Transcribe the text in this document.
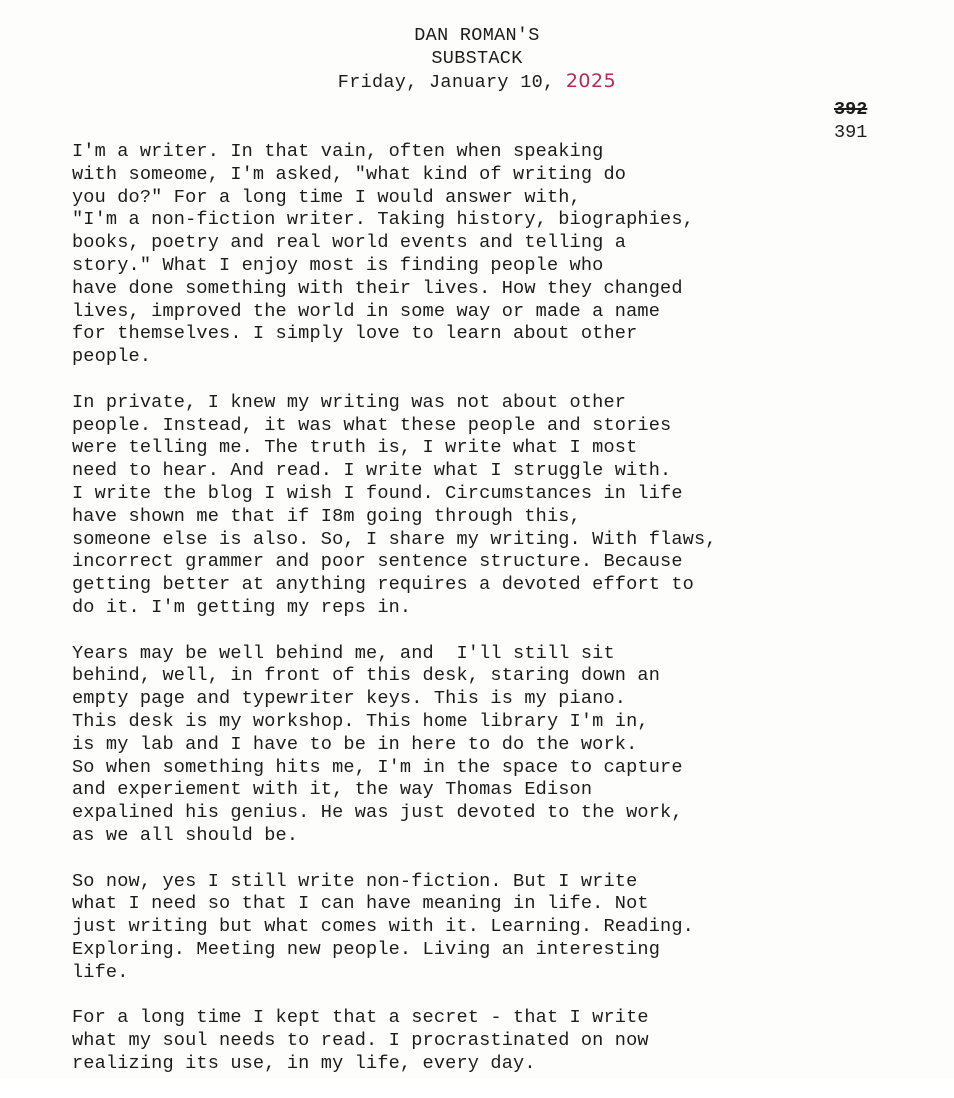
DAN ROMAN'S
SUBSTACK
Friday, January 10, 2025
392
391
I'm a writer. In that vain, often when speaking
with someome, I'm asked, "what kind of writing do
you do?" For a long time I would answer with,
"I'm a non-fiction writer. Taking history, biographies,
books, poetry and real world events and telling a
story." What I enjoy most is finding people who
have done something with their lives. How they changed
lives, improved the world in some way or made a name
for themselves. I simply love to learn about other
people.
In private, I knew my writing was not about other
people. Instead, it was what these people and stories
were telling me. The truth is, I write what I most
need to hear. And read. I write what I struggle with.
I write the blog I wish I found. Circumstances in life
have shown me that if I8m going through this,
someone else is also. So, I share my writing. With flaws,
incorrect grammer and poor sentence structure. Because
getting better at anything requires a devoted effort to
do it. I'm getting my reps in.
Years may be well behind me, and  I'll still sit
behind, well, in front of this desk, staring down an
empty page and typewriter keys. This is my piano.
This desk is my workshop. This home library I'm in,
is my lab and I have to be in here to do the work.
So when something hits me, I'm in the space to capture
and experiement with it, the way Thomas Edison
expalined his genius. He was just devoted to the work,
as we all should be.
So now, yes I still write non-fiction. But I write
what I need so that I can have meaning in life. Not
just writing but what comes with it. Learning. Reading.
Exploring. Meeting new people. Living an interesting
life.
For a long time I kept that a secret - that I write
what my soul needs to read. I procrastinated on now
realizing its use, in my life, every day.
